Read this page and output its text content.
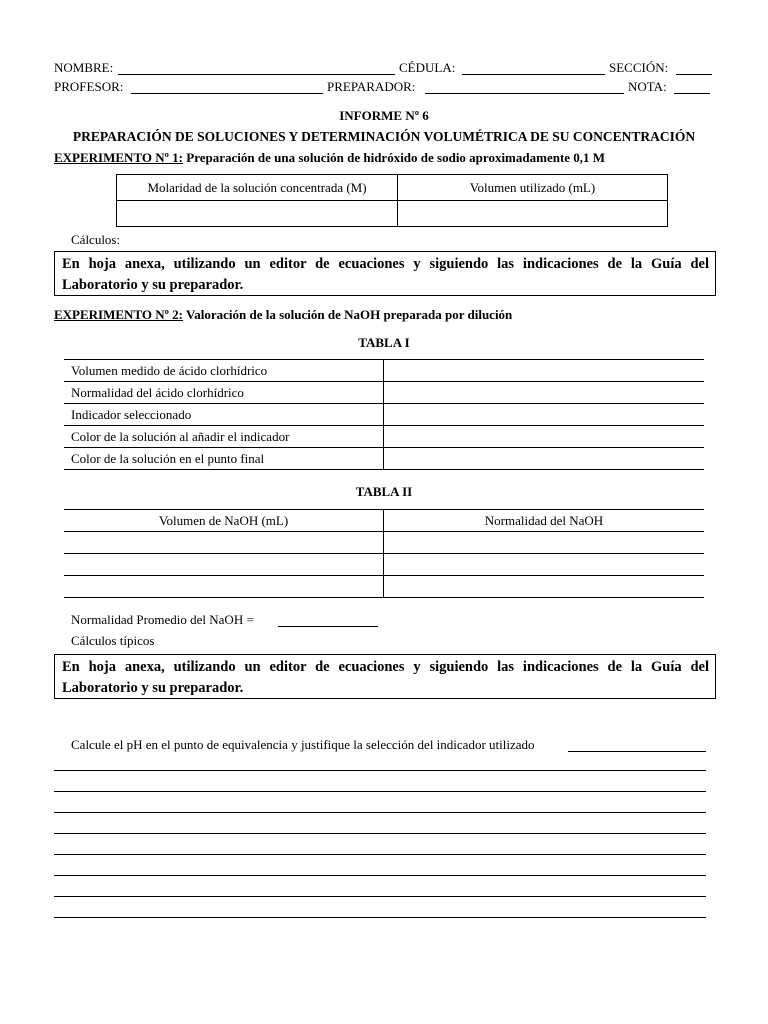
NOMBRE:	CÉDULA:	SECCIÓN:
PROFESOR:	PREPARADOR:	NOTA:
INFORME Nº 6
PREPARACIÓN DE SOLUCIONES Y DETERMINACIÓN VOLUMÉTRICA DE SU CONCENTRACIÓN
EXPERIMENTO Nº 1: Preparación de una solución de hidróxido de sodio aproximadamente 0,1 M
Molaridad de la solución concentrada (M)	Volumen utilizado (mL)

Cálculos:
En hoja anexa, utilizando un editor de ecuaciones y siguiendo las indicaciones de la Guía del Laboratorio y su preparador.
EXPERIMENTO Nº 2: Valoración de la solución de NaOH preparada por dilución
TABLA I
Volumen medido de ácido clorhídrico	
Normalidad del ácido clorhídrico	
Indicador seleccionado	
Color de la solución al añadir el indicador	
Color de la solución en el punto final	
TABLA II
Volumen de NaOH (mL)	Normalidad del NaOH

Normalidad Promedio del NaOH =
Cálculos típicos
En hoja anexa, utilizando un editor de ecuaciones y siguiendo las indicaciones de la Guía del Laboratorio y su preparador.
Calcule el pH en el punto de equivalencia y justifique la selección del indicador utilizado
